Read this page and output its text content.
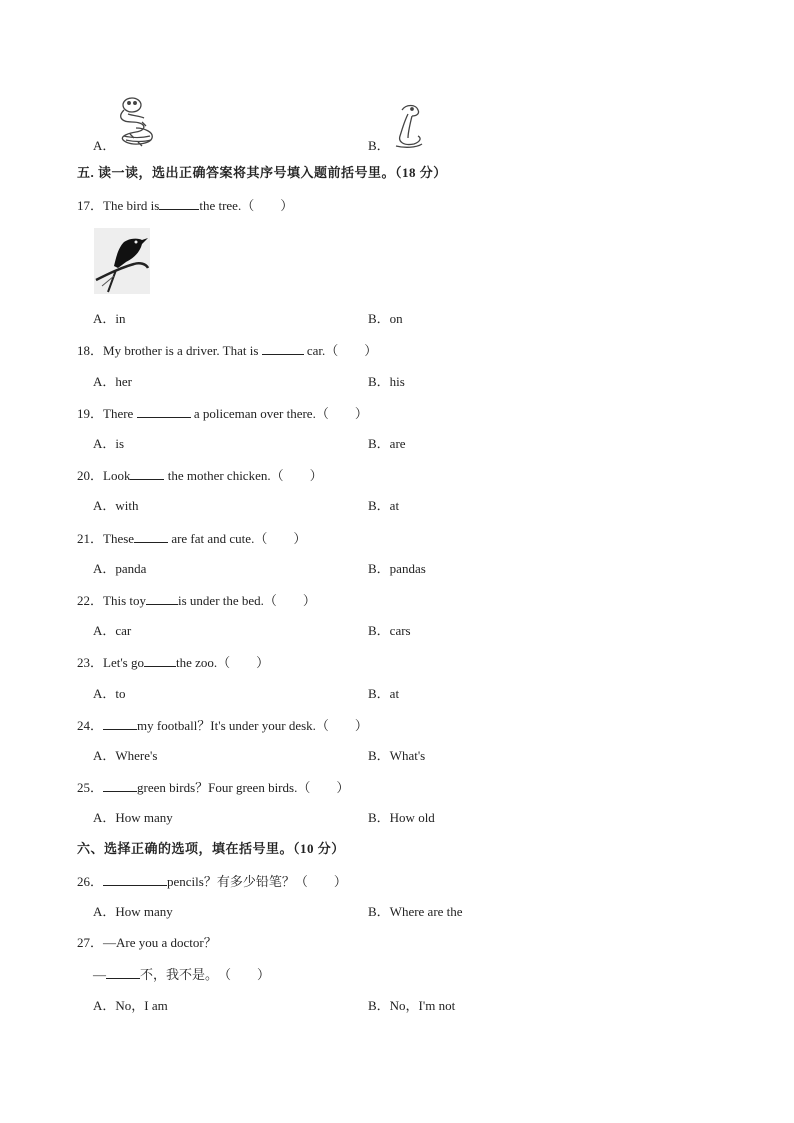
A．	B．
五. 读一读，选出正确答案将其序号填入题前括号里。（18 分）
17．The bird is	the tree.（　　）
A．in	B．on
18．My brother is a driver. That is	car.（　　）
A．her	B．his
19．There	a policeman over there.（　　）
A．is	B．are
20．Look	the mother chicken.（　　）
A．with	B．at
21．These	are fat and cute.（　　）
A．panda	B．pandas
22．This toy is under the bed.（　　）
A．car	B．cars
23．Let's go the zoo.（　　）
A．to	B．at
24．	my football？It's under your desk.（　　）
A．Where's	B．What's
25．	green birds？Four green birds.（　　）
A．How many	B．How old
六、选择正确的选项，填在括号里。（10 分）
26．	pencils？有多少铅笔？（　　）
A．How many	B．Where are the
27．—Are you a doctor？
—	不，我不是。（　　）
A．No，I am	B．No，I'm not
